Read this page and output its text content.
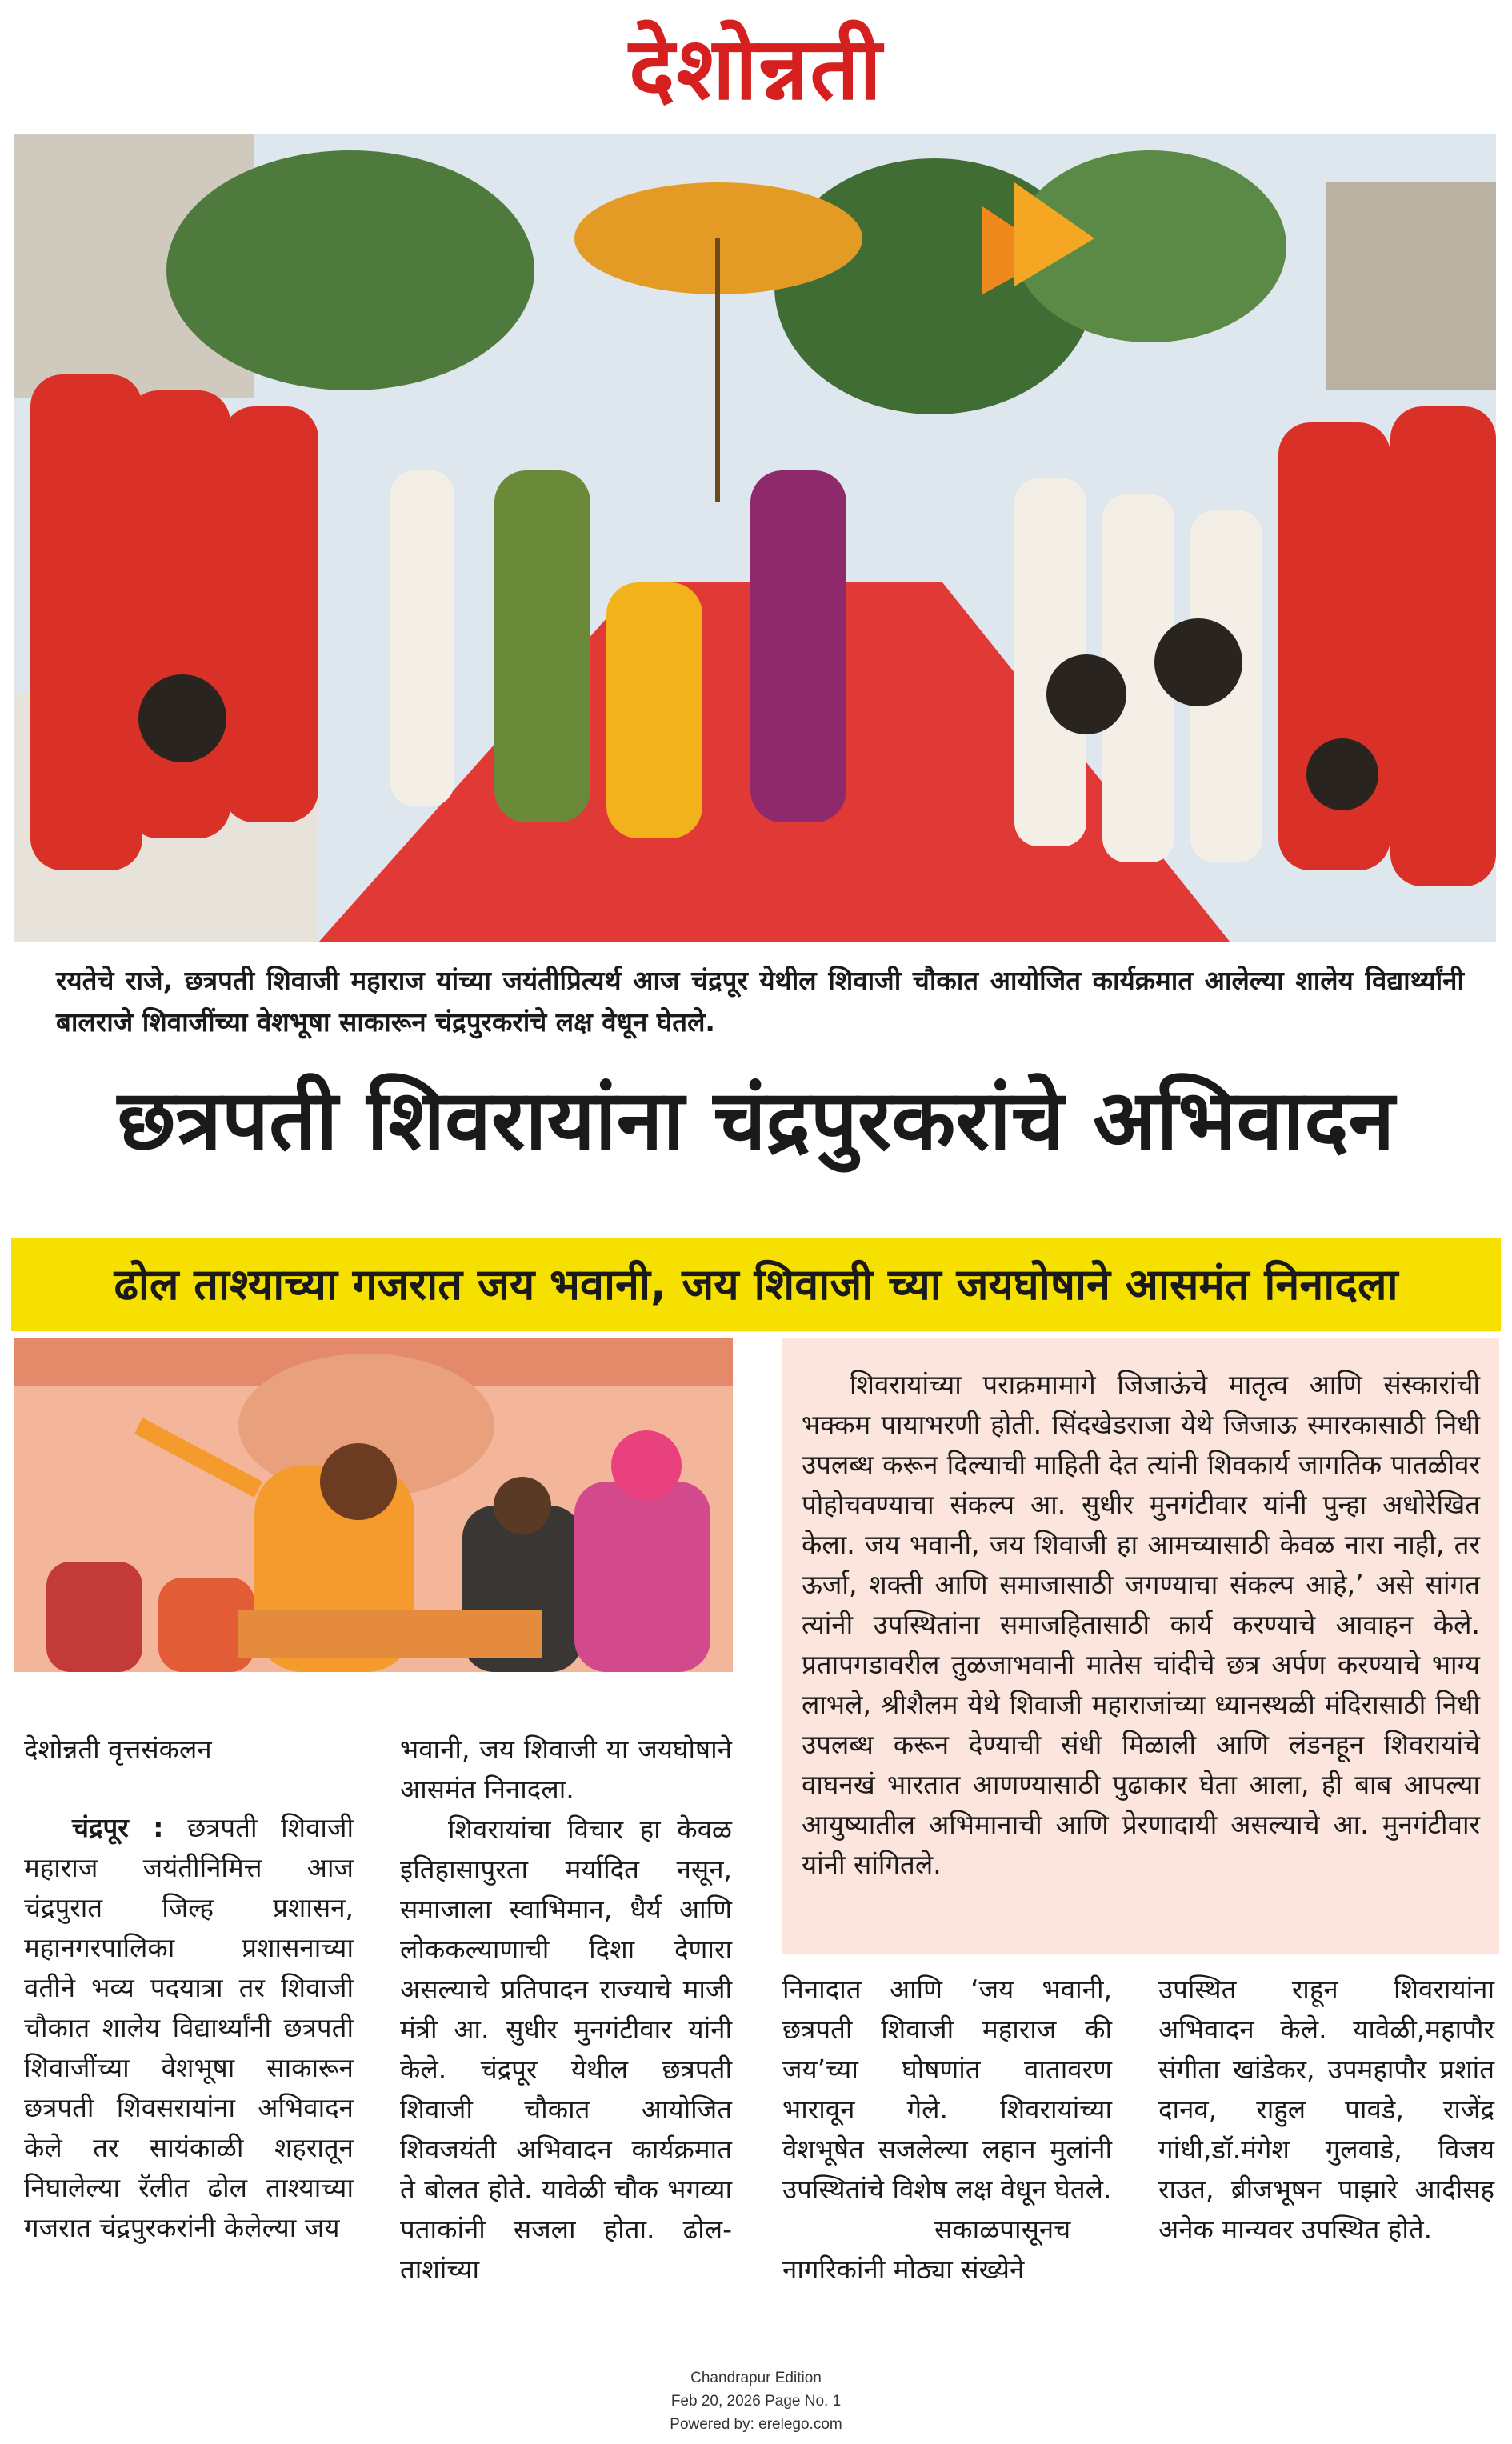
देशोन्नती
रयतेचे राजे, छत्रपती शिवाजी महाराज यांच्या जयंतीप्रित्यर्थ आज चंद्रपूर येथील शिवाजी चौकात आयोजित कार्यक्रमात आलेल्या शालेय विद्यार्थ्यांनी बालराजे शिवाजींच्या वेशभूषा साकारून चंद्रपुरकरांचे लक्ष वेधून घेतले.
छत्रपती शिवरायांना चंद्रपुरकरांचे अभिवादन
ढोल ताश्याच्या गजरात जय भवानी, जय शिवाजी च्या जयघोषाने आसमंत निनादला

देशोन्नती वृत्तसंकलन

चंद्रपूर : छत्रपती शिवाजी महाराज जयंतीनिमित्त आज चंद्रपुरात जिल्ह प्रशासन, महानगरपालिका प्रशासनाच्या वतीने भव्य पदयात्रा तर शिवाजी चौकात शालेय विद्यार्थ्यांनी छत्रपती शिवाजींच्या वेशभूषा साकारून छत्रपती शिवसरायांना अभिवादन केले तर सायंकाळी शहरातून निघालेल्या रॅलीत ढोल ताश्याच्या गजरात चंद्रपुरकरांनी केलेल्या जय

भवानी, जय शिवाजी या जयघोषाने आसमंत निनादला.

शिवरायांचा विचार हा केवळ इतिहासापुरता मर्यादित नसून, समाजाला स्वाभिमान, धैर्य आणि लोककल्याणाची दिशा देणारा असल्याचे प्रतिपादन राज्याचे माजी मंत्री आ. सुधीर मुनगंटीवार यांनी केले. चंद्रपूर येथील छत्रपती शिवाजी चौकात आयोजित शिवजयंती अभिवादन कार्यक्रमात ते बोलत होते. यावेळी चौक भगव्या पताकांनी सजला होता. ढोल-ताशांच्या

शिवरायांच्या पराक्रमामागे जिजाऊंचे मातृत्व आणि संस्कारांची भक्कम पायाभरणी होती. सिंदखेडराजा येथे जिजाऊ स्मारकासाठी निधी उपलब्ध करून दिल्याची माहिती देत त्यांनी शिवकार्य जागतिक पातळीवर पोहोचवण्याचा संकल्प आ. सुधीर मुनगंटीवार यांनी पुन्हा अधोरेखित केला. जय भवानी, जय शिवाजी हा आमच्यासाठी केवळ नारा नाही, तर ऊर्जा, शक्ती आणि समाजासाठी जगण्याचा संकल्प आहे,’ असे सांगत त्यांनी उपस्थितांना समाजहितासाठी कार्य करण्याचे आवाहन केले. प्रतापगडावरील तुळजाभवानी मातेस चांदीचे छत्र अर्पण करण्याचे भाग्य लाभले, श्रीशैलम येथे शिवाजी महाराजांच्या ध्यानस्थळी मंदिरासाठी निधी उपलब्ध करून देण्याची संधी मिळाली आणि लंडनहून शिवरायांचे वाघनखं भारतात आणण्यासाठी पुढाकार घेता आला, ही बाब आपल्या आयुष्यातील अभिमानाची आणि प्रेरणादायी असल्याचे आ. मुनगंटीवार यांनी सांगितले.

निनादात आणि ‘जय भवानी, छत्रपती शिवाजी महाराज की जय’च्या घोषणांत वातावरण भारावून गेले. शिवरायांच्या वेशभूषेत सजलेल्या लहान मुलांनी उपस्थितांचे विशेष लक्ष वेधून घेतले.

सकाळपासूनच नागरिकांनी मोठ्या संख्येने

उपस्थित राहून शिवरायांना अभिवादन केले. यावेळी,महापौर संगीता खांडेकर, उपमहापौर प्रशांत दानव, राहुल पावडे, राजेंद्र गांधी,डॉ.मंगेश गुलवाडे, विजय राउत, ब्रीजभूषन पाझारे आदीसह अनेक मान्यवर उपस्थित होते.

Chandrapur Edition
Feb 20, 2026 Page No. 1
Powered by: erelego.com
